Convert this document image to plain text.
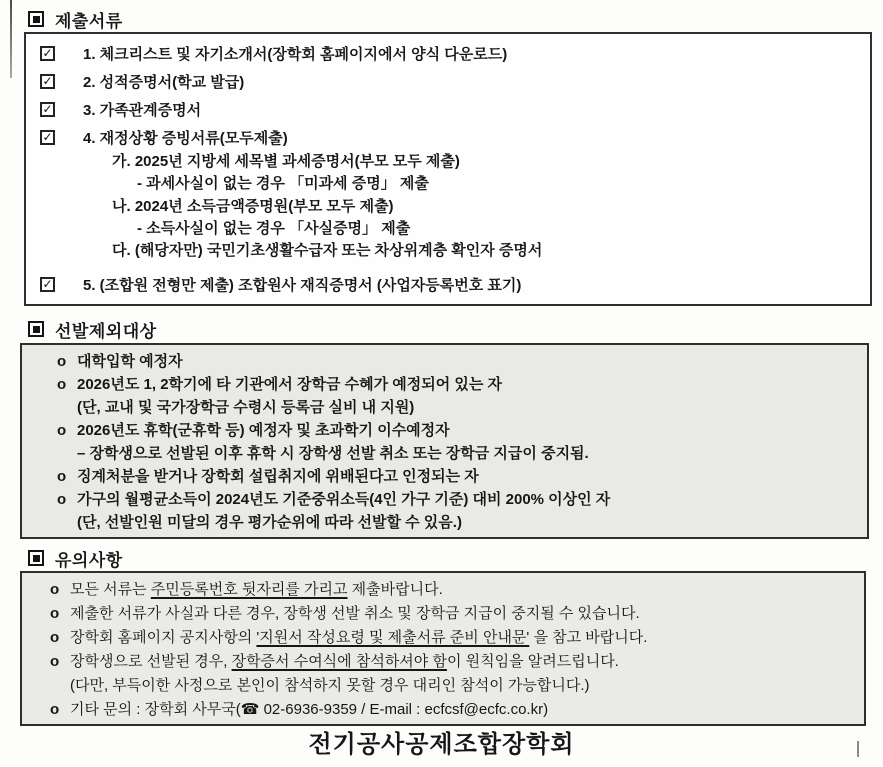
제출서류
✓ 1. 체크리스트 및 자기소개서(장학회 홈페이지에서 양식 다운로드)
✓ 2. 성적증명서(학교 발급)
✓ 3. 가족관계증명서
✓ 4. 재정상황 증빙서류(모두제출)
가. 2025년 지방세 세목별 과세증명서(부모 모두 제출)
- 과세사실이 없는 경우 「미과세 증명」 제출
나. 2024년 소득금액증명원(부모 모두 제출)
- 소득사실이 없는 경우 「사실증명」 제출
다. (해당자만) 국민기초생활수급자 또는 차상위계층 확인자 증명서
✓ 5. (조합원 전형만 제출) 조합원사 재직증명서 (사업자등록번호 표기)
선발제외대상
o 대학입학 예정자
o 2026년도 1, 2학기에 타 기관에서 장학금 수혜가 예정되어 있는 자
(단, 교내 및 국가장학금 수령시 등록금 실비 내 지원)
o 2026년도 휴학(군휴학 등) 예정자 및 초과학기 이수예정자
– 장학생으로 선발된 이후 휴학 시 장학생 선발 취소 또는 장학금 지급이 중지됨.
o 징계처분을 받거나 장학회 설립취지에 위배된다고 인정되는 자
o 가구의 월평균소득이 2024년도 기준중위소득(4인 가구 기준) 대비 200% 이상인 자
(단, 선발인원 미달의 경우 평가순위에 따라 선발할 수 있음.)
유의사항
o 모든 서류는 주민등록번호 뒷자리를 가리고 제출바랍니다.
o 제출한 서류가 사실과 다른 경우, 장학생 선발 취소 및 장학금 지급이 중지될 수 있습니다.
o 장학회 홈페이지 공지사항의 '지원서 작성요령 및 제출서류 준비 안내문' 을 참고 바랍니다.
o 장학생으로 선발된 경우, 장학증서 수여식에 참석하셔야 함이 원칙임을 알려드립니다.
(다만, 부득이한 사정으로 본인이 참석하지 못할 경우 대리인 참석이 가능합니다.)
o 기타 문의 : 장학회 사무국(☎ 02-6936-9359 / E-mail : ecfcsf@ecfc.co.kr)
전기공사공제조합장학회
